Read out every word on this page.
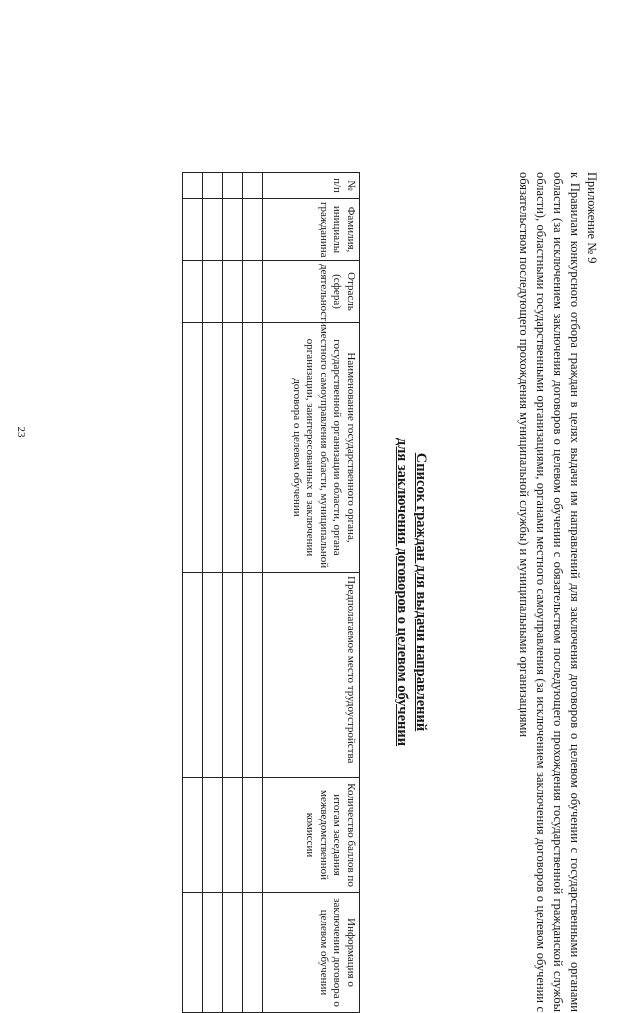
23
Приложение № 9
к Правилам конкурсного отбора граждан в целях выдачи им направлений для заключения договоров о целевом обучении с государственными органами области (за исключением заключения договоров о целевом обучении с обязательством последующего прохождения государственной гражданской службы области), областными государственными организациями, органами местного самоуправления (за исключением заключения договоров о целевом обучении с обязательством последующего прохождения муниципальной службы) и муниципальными организациями
Список граждан для выдачи направлений
для заключения договоров о целевом обучении
№ п/п	Фамилия, инициалы гражданина	Отрасль (сфера) деятельности	Наименование государственного органа, государственной организации области, органа местного самоуправления области, муниципальной организации, заинтересованных в заключении договора о целевом обучении	Предполагаемое место трудоустройства	Количество баллов по итогам заседания межведомственной комиссии	Информация о заключении договора о целевом обучении
